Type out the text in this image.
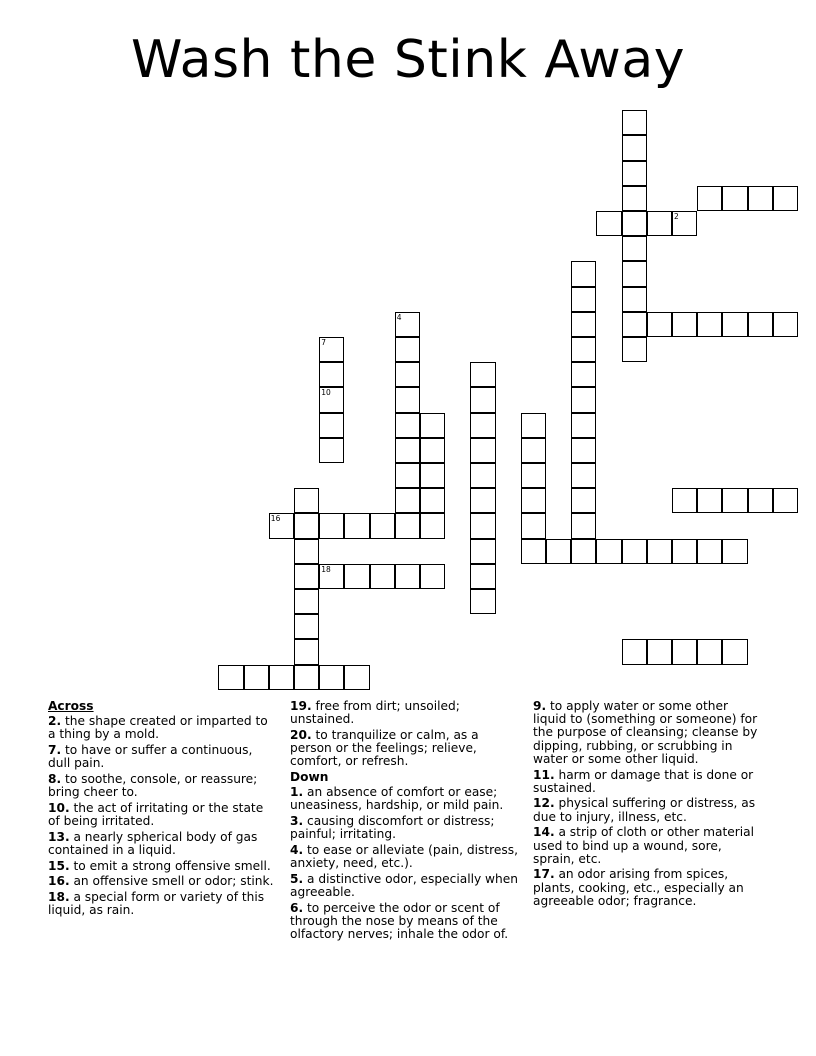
Wash the Stink Away
2
4
7
10
16
18
Across
2. the shape created or imparted to a thing by a mold.
7. to have or suffer a continuous, dull pain.
8. to soothe, console, or reassure; bring cheer to.
10. the act of irritating or the state of being irritated.
13. a nearly spherical body of gas contained in a liquid.
15. to emit a strong offensive smell.
16. an offensive smell or odor; stink.
18. a special form or variety of this liquid, as rain.
19. free from dirt; unsoiled; unstained.
20. to tranquilize or calm, as a person or the feelings; relieve, comfort, or refresh.
Down
1. an absence of comfort or ease; uneasiness, hardship, or mild pain.
3. causing discomfort or distress; painful; irritating.
4. to ease or alleviate (pain, distress, anxiety, need, etc.).
5. a distinctive odor, especially when agreeable.
6. to perceive the odor or scent of through the nose by means of the olfactory nerves; inhale the odor of.
9. to apply water or some other liquid to (something or someone) for the purpose of cleansing; cleanse by dipping, rubbing, or scrubbing in water or some other liquid.
11. harm or damage that is done or sustained.
12. physical suffering or distress, as due to injury, illness, etc.
14. a strip of cloth or other material used to bind up a wound, sore, sprain, etc.
17. an odor arising from spices, plants, cooking, etc., especially an agreeable odor; fragrance.
